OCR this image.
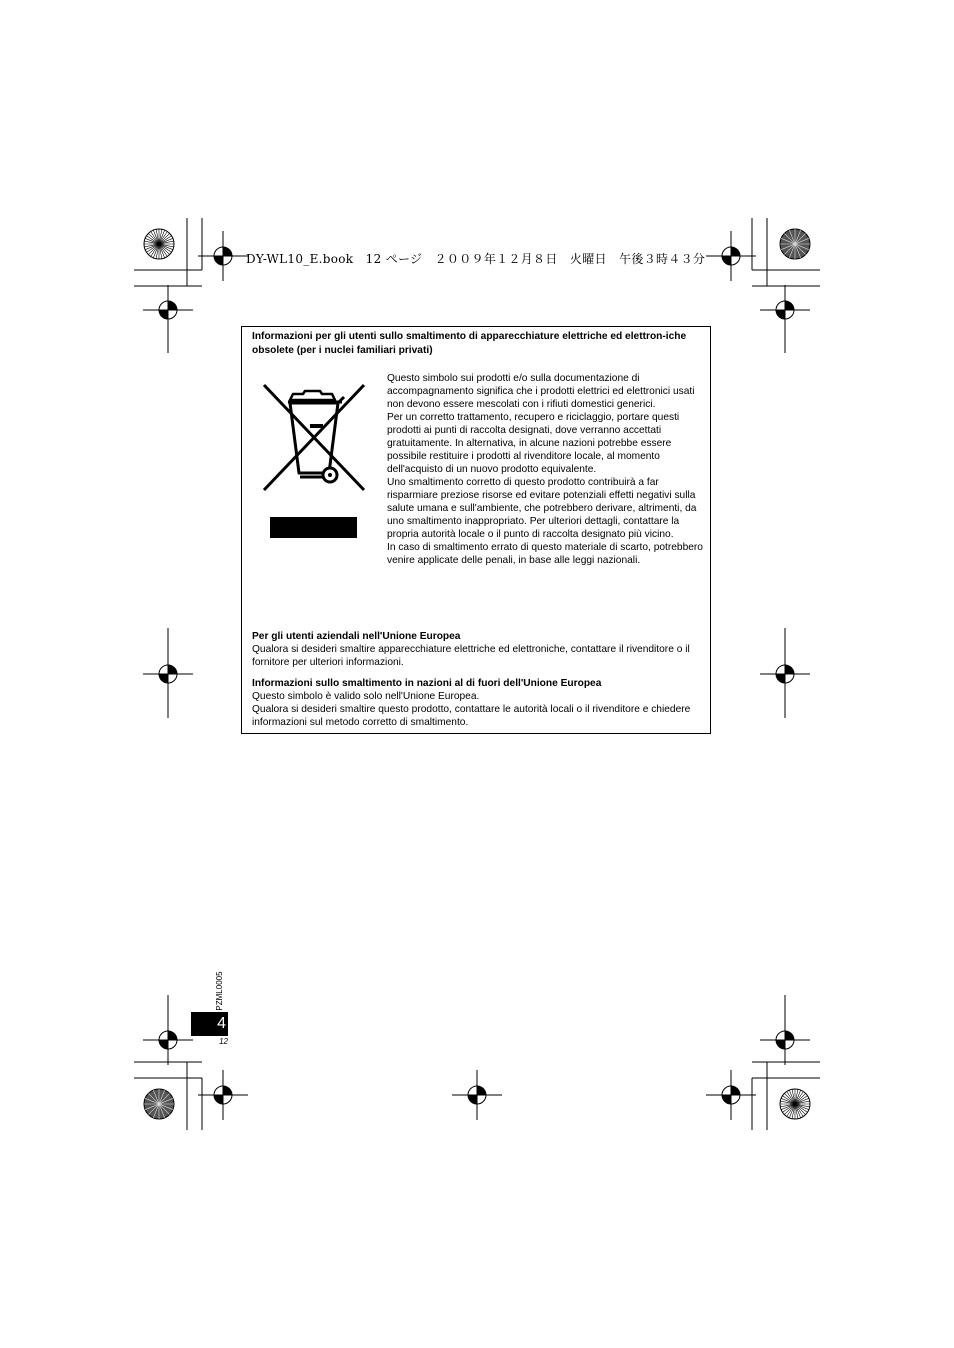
DY-WL10_E.book　12 ページ　２００９年１２月８日　火曜日　午後３時４３分
Informazioni per gli utenti sullo smaltimento di apparecchiature elettriche ed elettron-iche obsolete (per i nuclei familiari privati)

Questo simbolo sui prodotti e/o sulla documentazione di accompagnamento significa che i prodotti elettrici ed elettronici usati non devono essere mescolati con i rifiuti domestici generici.

Per un corretto trattamento, recupero e riciclaggio, portare questi prodotti ai punti di raccolta designati, dove verranno accettati gratuitamente. In alternativa, in alcune nazioni potrebbe essere possibile restituire i prodotti al rivenditore locale, al momento dell'acquisto di un nuovo prodotto equivalente.

Uno smaltimento corretto di questo prodotto contribuirà a far risparmiare preziose risorse ed evitare potenziali effetti negativi sulla salute umana e sull'ambiente, che potrebbero derivare, altrimenti, da uno smaltimento inappropriato. Per ulteriori dettagli, contattare la propria autorità locale o il punto di raccolta designato più vicino.

In caso di smaltimento errato di questo materiale di scarto, potrebbero venire applicate delle penali, in base alle leggi nazionali.

Per gli utenti aziendali nell'Unione Europea

Qualora si desideri smaltire apparecchiature elettriche ed elettroniche, contattare il rivenditore o il fornitore per ulteriori informazioni.

Informazioni sullo smaltimento in nazioni al di fuori dell'Unione Europea

Questo simbolo è valido solo nell'Unione Europea.

Qualora si desideri smaltire questo prodotto, contattare le autorità locali o il rivenditore e chiedere informazioni sul metodo corretto di smaltimento.

PZML0005
4
12
